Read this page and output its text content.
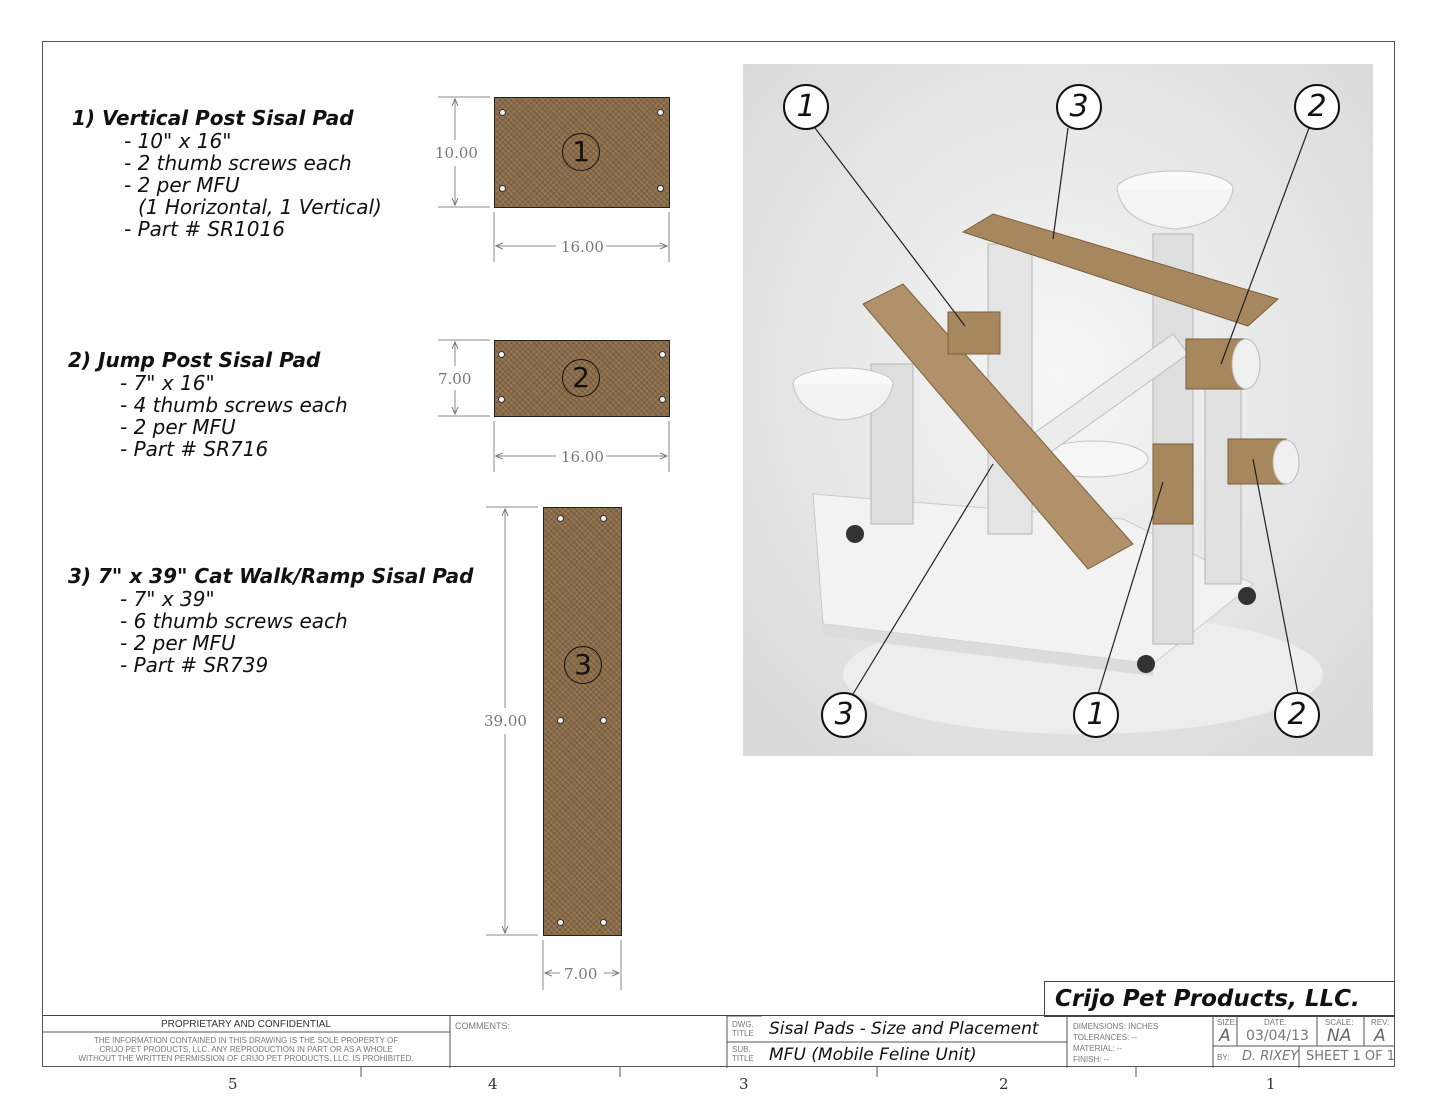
1) Vertical Post Sisal Pad
- 10" x 16"
- 2 thumb screws each
- 2 per MFU
(1 Horizontal, 1 Vertical)
- Part # SR1016
2) Jump Post Sisal Pad
- 7" x 16"
- 4 thumb screws each
- 2 per MFU
- Part # SR716
3) 7" x 39" Cat Walk/Ramp Sisal Pad
- 7" x 39"
- 6 thumb screws each
- 2 per MFU
- Part # SR739
10.00
16.00
7.00
16.00
39.00
7.00
1
2
3
1	3	2
3	1	2
Crijo Pet Products, LLC.
PROPRIETARY AND CONFIDENTIAL
THE INFORMATION CONTAINED IN THIS DRAWING IS THE SOLE PROPERTY OF
CRIJO PET PRODUCTS, LLC. ANY REPRODUCTION IN PART OR AS A WHOLE
WITHOUT THE WRITTEN PERMISSION OF CRIJO PET PRODUCTS, LLC. IS PROHIBITED.
COMMENTS:	DWG.
TITLE Sisal Pads - Size and Placement
SUB.
TITLE MFU (Mobile Feline Unit)
DIMENSIONS: INCHES
TOLERANCES: --
MATERIAL: --
FINISH: --
SIZE:
A
DATE:
03/04/13
SCALE:
NA
REV:
A
BY: D. RIXEY SHEET 1 OF 1
5	4	3	2	1
